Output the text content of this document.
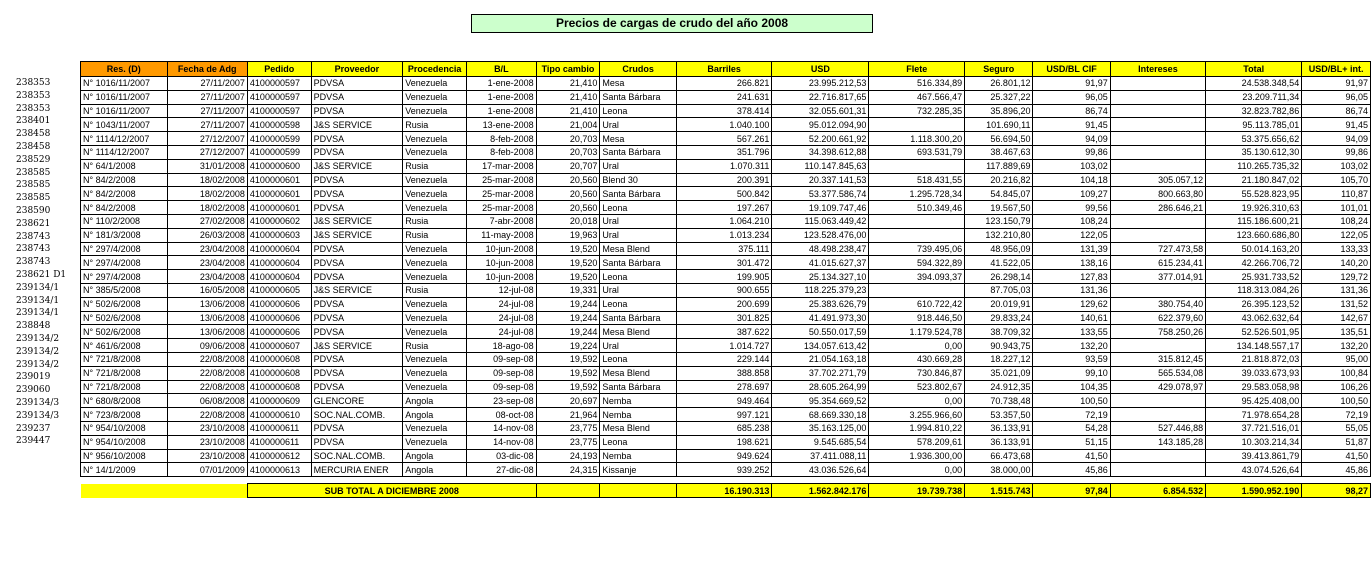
Precios de cargas de crudo del año 2008
238353
238353
238353
238401
238458
238458
238529
238585
238585
238585
238590
238621
238743
238743
238743
238621 D1
239134/1
239134/1
239134/1
238848
239134/2
239134/2
239134/2
239019
239060
239134/3
239134/3
239237
239447
Res. (D)	Fecha de Adg	Pedido	Proveedor	Procedencia	B/L	Tipo cambio	Crudos	Barriles	USD	Flete	Seguro	USD/BL CIF	Intereses	Total	USD/BL+ int.
N° 1016/11/2007	27/11/2007	4100000597	PDVSA	Venezuela	1-ene-2008	21,410	Mesa	266.821	23.995.212,53	516.334,89	26.801,12	91,97		24.538.348,54	91,97
N° 1016/11/2007	27/11/2007	4100000597	PDVSA	Venezuela	1-ene-2008	21,410	Santa Bárbara	241.631	22.716.817,65	467.566,47	25.327,22	96,05		23.209.711,34	96,05
N° 1016/11/2007	27/11/2007	4100000597	PDVSA	Venezuela	1-ene-2008	21,410	Leona	378.414	32.055.601,31	732.285,35	35.896,20	86,74		32.823.782,86	86,74
N° 1043/11/2007	27/11/2007	4100000598	J&S SERVICE	Rusia	13-ene-2008	21,004	Ural	1.040.100	95.012.094,90		101.690,11	91,45		95.113.785,01	91,45
N° 1114/12/2007	27/12/2007	4100000599	PDVSA	Venezuela	8-feb-2008	20,703	Mesa	567.261	52.200.661,92	1.118.300,20	56.694,50	94,09		53.375.656,62	94,09
N° 1114/12/2007	27/12/2007	4100000599	PDVSA	Venezuela	8-feb-2008	20,703	Santa Bárbara	351.796	34.398.612,88	693.531,79	38.467,63	99,86		35.130.612,30	99,86
N° 64/1/2008	31/01/2008	4100000600	J&S SERVICE	Rusia	17-mar-2008	20,707	Ural	1.070.311	110.147.845,63		117.889,69	103,02		110.265.735,32	103,02
N° 84/2/2008	18/02/2008	4100000601	PDVSA	Venezuela	25-mar-2008	20,560	Blend 30	200.391	20.337.141,53	518.431,55	20.216,82	104,18	305.057,12	21.180.847,02	105,70
N° 84/2/2008	18/02/2008	4100000601	PDVSA	Venezuela	25-mar-2008	20,560	Santa Bárbara	500.842	53.377.586,74	1.295.728,34	54.845,07	109,27	800.663,80	55.528.823,95	110,87
N° 84/2/2008	18/02/2008	4100000601	PDVSA	Venezuela	25-mar-2008	20,560	Leona	197.267	19.109.747,46	510.349,46	19.567,50	99,56	286.646,21	19.926.310,63	101,01
N° 110/2/2008	27/02/2008	4100000602	J&S SERVICE	Rusia	7-abr-2008	20,018	Ural	1.064.210	115.063.449,42		123.150,79	108,24		115.186.600,21	108,24
N° 181/3/2008	26/03/2008	4100000603	J&S SERVICE	Rusia	11-may-2008	19,963	Ural	1.013.234	123.528.476,00		132.210,80	122,05		123.660.686,80	122,05
N° 297/4/2008	23/04/2008	4100000604	PDVSA	Venezuela	10-jun-2008	19,520	Mesa Blend	375.111	48.498.238,47	739.495,06	48.956,09	131,39	727.473,58	50.014.163,20	133,33
N° 297/4/2008	23/04/2008	4100000604	PDVSA	Venezuela	10-jun-2008	19,520	Santa Bárbara	301.472	41.015.627,37	594.322,89	41.522,05	138,16	615.234,41	42.266.706,72	140,20
N° 297/4/2008	23/04/2008	4100000604	PDVSA	Venezuela	10-jun-2008	19,520	Leona	199.905	25.134.327,10	394.093,37	26.298,14	127,83	377.014,91	25.931.733,52	129,72
N° 385/5/2008	16/05/2008	4100000605	J&S SERVICE	Rusia	12-jul-08	19,331	Ural	900.655	118.225.379,23		87.705,03	131,36		118.313.084,26	131,36
N° 502/6/2008	13/06/2008	4100000606	PDVSA	Venezuela	24-jul-08	19,244	Leona	200.699	25.383.626,79	610.722,42	20.019,91	129,62	380.754,40	26.395.123,52	131,52
N° 502/6/2008	13/06/2008	4100000606	PDVSA	Venezuela	24-jul-08	19,244	Santa Bárbara	301.825	41.491.973,30	918.446,50	29.833,24	140,61	622.379,60	43.062.632,64	142,67
N° 502/6/2008	13/06/2008	4100000606	PDVSA	Venezuela	24-jul-08	19,244	Mesa Blend	387.622	50.550.017,59	1.179.524,78	38.709,32	133,55	758.250,26	52.526.501,95	135,51
N° 461/6/2008	09/06/2008	4100000607	J&S SERVICE	Rusia	18-ago-08	19,224	Ural	1.014.727	134.057.613,42	0,00	90.943,75	132,20		134.148.557,17	132,20
N° 721/8/2008	22/08/2008	4100000608	PDVSA	Venezuela	09-sep-08	19,592	Leona	229.144	21.054.163,18	430.669,28	18.227,12	93,59	315.812,45	21.818.872,03	95,00
N° 721/8/2008	22/08/2008	4100000608	PDVSA	Venezuela	09-sep-08	19,592	Mesa Blend	388.858	37.702.271,79	730.846,87	35.021,09	99,10	565.534,08	39.033.673,93	100,84
N° 721/8/2008	22/08/2008	4100000608	PDVSA	Venezuela	09-sep-08	19,592	Santa Bárbara	278.697	28.605.264,99	523.802,67	24.912,35	104,35	429.078,97	29.583.058,98	106,26
N° 680/8/2008	06/08/2008	4100000609	GLENCORE	Angola	23-sep-08	20,697	Nemba	949.464	95.354.669,52	0,00	70.738,48	100,50		95.425.408,00	100,50
N° 723/8/2008	22/08/2008	4100000610	SOC.NAL.COMB.	Angola	08-oct-08	21,964	Nemba	997.121	68.669.330,18	3.255.966,60	53.357,50	72,19		71.978.654,28	72,19
N° 954/10/2008	23/10/2008	4100000611	PDVSA	Venezuela	14-nov-08	23,775	Mesa Blend	685.238	35.163.125,00	1.994.810,22	36.133,91	54,28	527.446,88	37.721.516,01	55,05
N° 954/10/2008	23/10/2008	4100000611	PDVSA	Venezuela	14-nov-08	23,775	Leona	198.621	9.545.685,54	578.209,61	36.133,91	51,15	143.185,28	10.303.214,34	51,87
N° 956/10/2008	23/10/2008	4100000612	SOC.NAL.COMB.	Angola	03-dic-08	24,193	Nemba	949.624	37.411.088,11	1.936.300,00	66.473,68	41,50		39.413.861,79	41,50
N° 14/1/2009	07/01/2009	4100000613	MERCURIA ENER	Angola	27-dic-08	24,315	Kissanje	939.252	43.036.526,64	0,00	38.000,00	45,86		43.074.526,64	45,86

		SUB TOTAL A DICIEMBRE 2008						16.190.313	1.562.842.176	19.739.738	1.515.743	97,84	6.854.532	1.590.952.190	98,27
